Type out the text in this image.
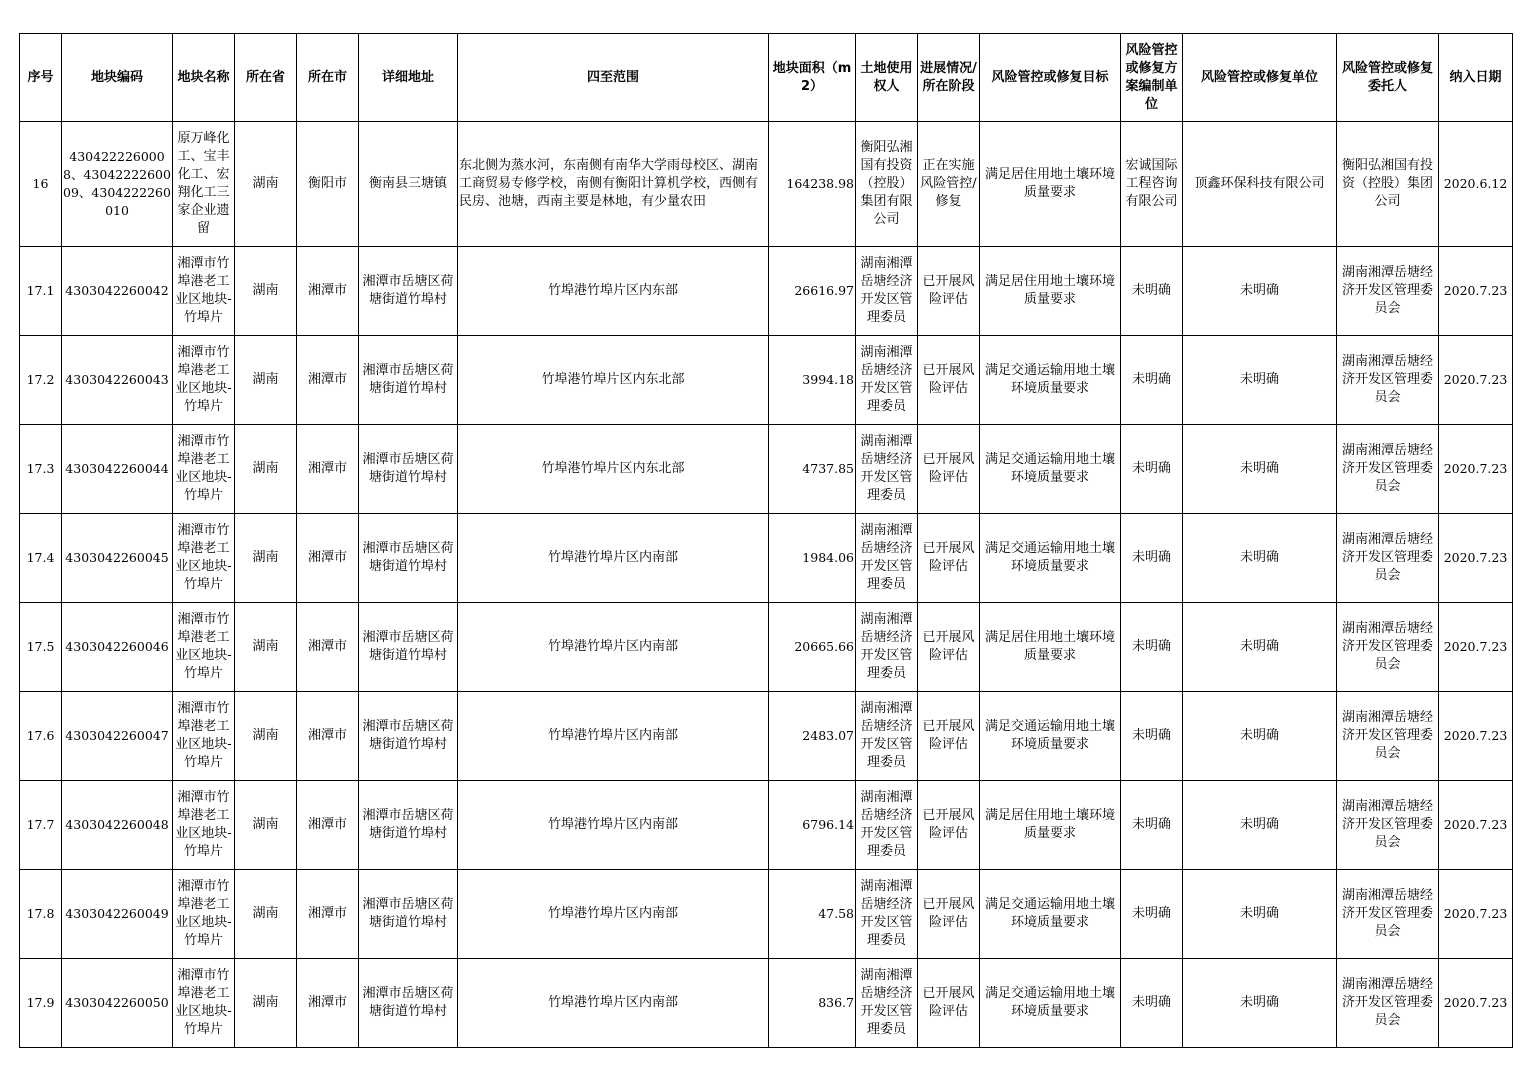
序号	地块编码	地块名称	所在省	所在市	详细地址	四至范围	地块面积（m2）	土地使用权人	进展情况/所在阶段	风险管控或修复目标	风险管控或修复方案编制单位	风险管控或修复单位	风险管控或修复委托人	纳入日期

16	4304222260008、4304222260009、4304222260010	原万峰化工、宝丰化工、宏翔化工三家企业遗留	湖南	衡阳市	衡南县三塘镇	东北侧为蒸水河，东南侧有南华大学雨母校区、湖南工商贸易专修学校，南侧有衡阳计算机学校，西侧有民房、池塘，西南主要是林地，有少量农田	164238.98	衡阳弘湘国有投资（控股）集团有限公司	正在实施风险管控/修复	满足居住用地土壤环境质量要求	宏诚国际工程咨询有限公司	顶鑫环保科技有限公司	衡阳弘湘国有投资（控股）集团公司	2020.6.12

17.1	4303042260042	湘潭市竹埠港老工业区地块-竹埠片	湖南	湘潭市	湘潭市岳塘区荷塘街道竹埠村	竹埠港竹埠片区内东部	26616.97	湖南湘潭岳塘经济开发区管理委员	已开展风险评估	满足居住用地土壤环境质量要求	未明确	未明确	湖南湘潭岳塘经济开发区管理委员会	2020.7.23

17.2	4303042260043	湘潭市竹埠港老工业区地块-竹埠片	湖南	湘潭市	湘潭市岳塘区荷塘街道竹埠村	竹埠港竹埠片区内东北部	3994.18	湖南湘潭岳塘经济开发区管理委员	已开展风险评估	满足交通运输用地土壤环境质量要求	未明确	未明确	湖南湘潭岳塘经济开发区管理委员会	2020.7.23

17.3	4303042260044	湘潭市竹埠港老工业区地块-竹埠片	湖南	湘潭市	湘潭市岳塘区荷塘街道竹埠村	竹埠港竹埠片区内东北部	4737.85	湖南湘潭岳塘经济开发区管理委员	已开展风险评估	满足交通运输用地土壤环境质量要求	未明确	未明确	湖南湘潭岳塘经济开发区管理委员会	2020.7.23

17.4	4303042260045	湘潭市竹埠港老工业区地块-竹埠片	湖南	湘潭市	湘潭市岳塘区荷塘街道竹埠村	竹埠港竹埠片区内南部	1984.06	湖南湘潭岳塘经济开发区管理委员	已开展风险评估	满足交通运输用地土壤环境质量要求	未明确	未明确	湖南湘潭岳塘经济开发区管理委员会	2020.7.23

17.5	4303042260046	湘潭市竹埠港老工业区地块-竹埠片	湖南	湘潭市	湘潭市岳塘区荷塘街道竹埠村	竹埠港竹埠片区内南部	20665.66	湖南湘潭岳塘经济开发区管理委员	已开展风险评估	满足居住用地土壤环境质量要求	未明确	未明确	湖南湘潭岳塘经济开发区管理委员会	2020.7.23

17.6	4303042260047	湘潭市竹埠港老工业区地块-竹埠片	湖南	湘潭市	湘潭市岳塘区荷塘街道竹埠村	竹埠港竹埠片区内南部	2483.07	湖南湘潭岳塘经济开发区管理委员	已开展风险评估	满足交通运输用地土壤环境质量要求	未明确	未明确	湖南湘潭岳塘经济开发区管理委员会	2020.7.23

17.7	4303042260048	湘潭市竹埠港老工业区地块-竹埠片	湖南	湘潭市	湘潭市岳塘区荷塘街道竹埠村	竹埠港竹埠片区内南部	6796.14	湖南湘潭岳塘经济开发区管理委员	已开展风险评估	满足居住用地土壤环境质量要求	未明确	未明确	湖南湘潭岳塘经济开发区管理委员会	2020.7.23

17.8	4303042260049	湘潭市竹埠港老工业区地块-竹埠片	湖南	湘潭市	湘潭市岳塘区荷塘街道竹埠村	竹埠港竹埠片区内南部	47.58	湖南湘潭岳塘经济开发区管理委员	已开展风险评估	满足交通运输用地土壤环境质量要求	未明确	未明确	湖南湘潭岳塘经济开发区管理委员会	2020.7.23

17.9	4303042260050	湘潭市竹埠港老工业区地块-竹埠片	湖南	湘潭市	湘潭市岳塘区荷塘街道竹埠村	竹埠港竹埠片区内南部	836.7	湖南湘潭岳塘经济开发区管理委员	已开展风险评估	满足交通运输用地土壤环境质量要求	未明确	未明确	湖南湘潭岳塘经济开发区管理委员会	2020.7.23
